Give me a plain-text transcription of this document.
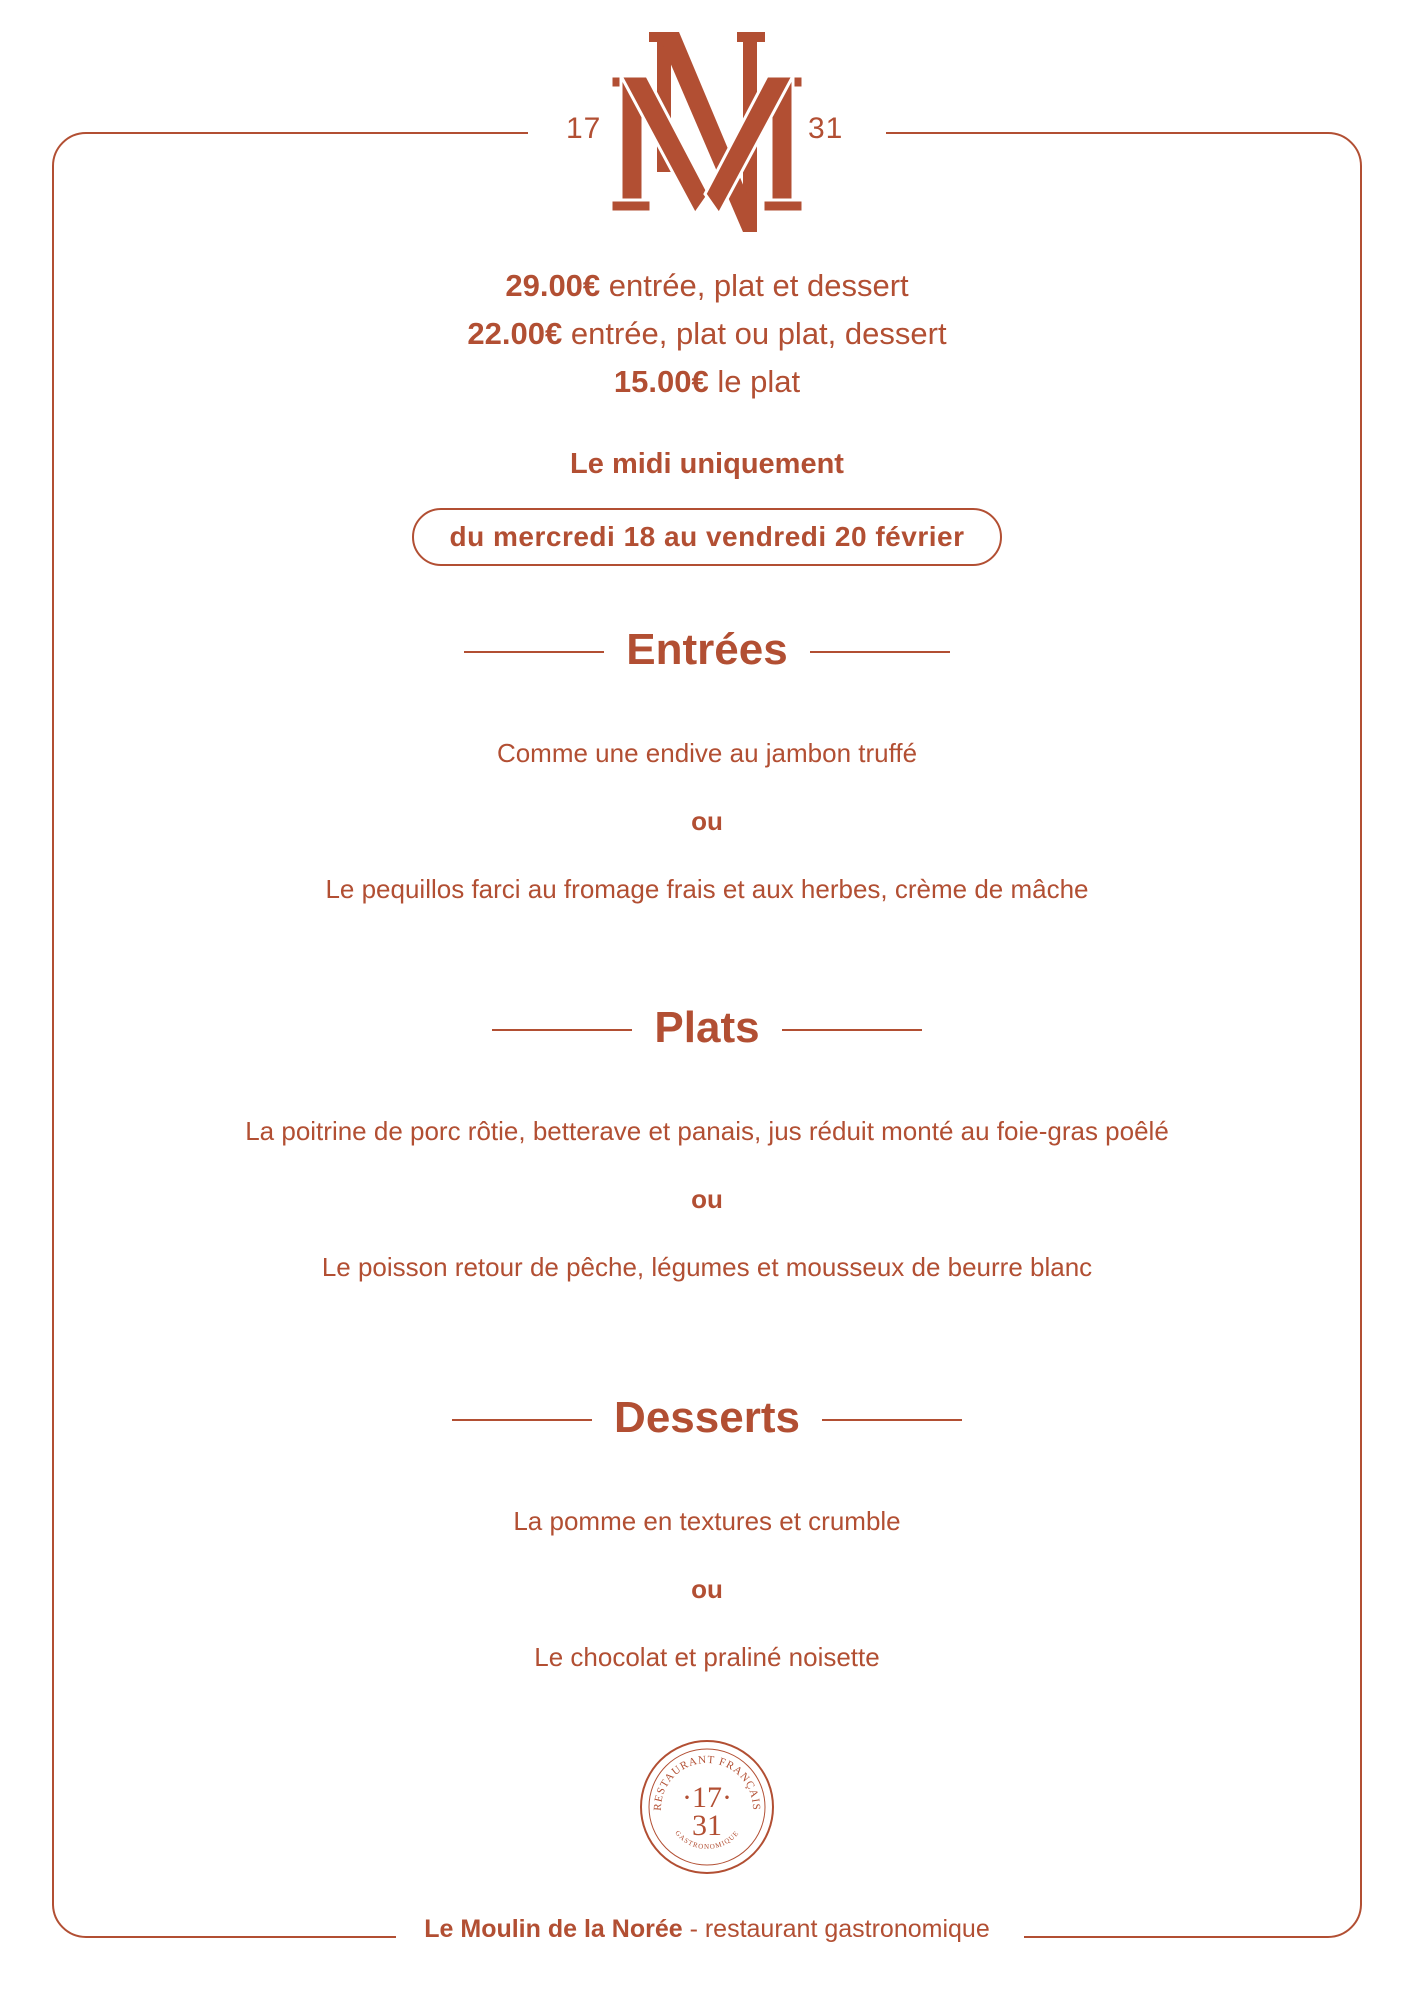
17	31
29.00€ entrée, plat et dessert
22.00€ entrée, plat ou plat, dessert
15.00€ le plat
Le midi uniquement
du mercredi 18 au vendredi 20 février
Entrées
Comme une endive au jambon truffé
ou
Le pequillos farci au fromage frais et aux herbes, crème de mâche
Plats
La poitrine de porc rôtie, betterave et panais, jus réduit monté au foie-gras poêlé
ou
Le poisson retour de pêche, légumes et mousseux de beurre blanc
Desserts
La pomme en textures et crumble
ou
Le chocolat et praliné noisette
RESTAURANT FRANÇAIS
·17·
31
GASTRONOMIQUE
Le Moulin de la Norée - restaurant gastronomique
